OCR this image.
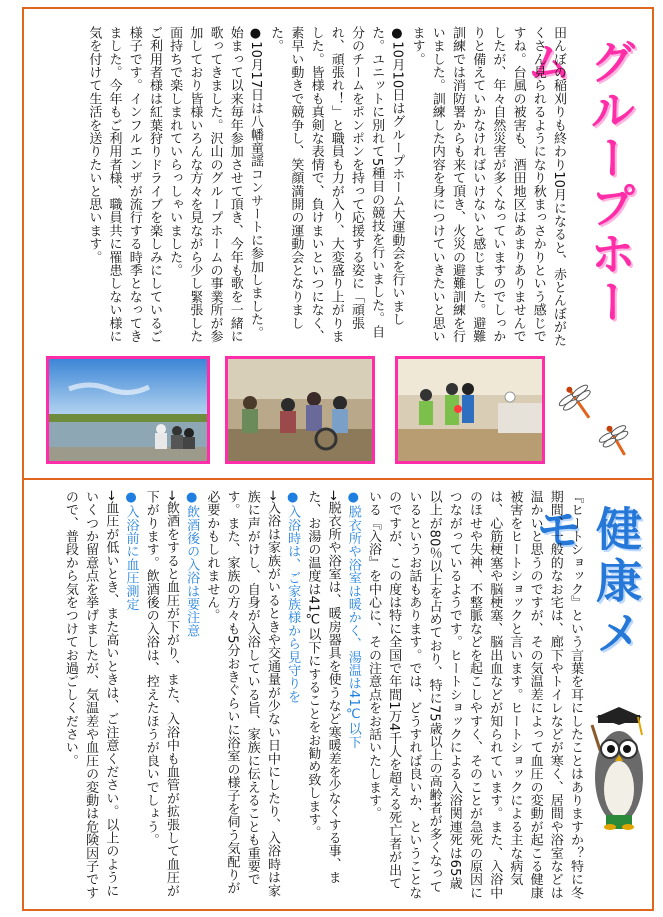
グループホーム

田んぼの稲刈りも終わり10月になると、赤とんぼがたくさん見られるようになり秋まっさかりという感じですね。台風の被害も、酒田地区はあまりありませんでしたが、年々自然災害が多くなっていますのでしっかりと備えていかなければいけないと感じました。避難訓練では消防署からも来て頂き、火災の避難訓練を行いました。訓練した内容を身につけていきたいと思います。

●10月10日はグループホーム大運動会を行いました。ユニットに別れて5種目の競技を行いました。自分のチームをポンポンを持って応援する姿に「頑張れ、頑張れ！」と職員も力が入り、大変盛り上がりました。皆様も真剣な表情で、負けまいといつになく、素早い動きで競争し、笑顔満開の運動会となりました。

●10月17日は八幡童謡コンサートに参加しました。始まって以来毎年参加させて頂き、今年も歌を一緒に歌ってきました。沢山のグループホームの事業所が参加しており皆様いろんな方々を見ながら少し緊張した面持ちで楽しまれていらっしゃいました。

ご利用者様は紅葉狩りドライブを楽しみにしているご様子です。インフルエンザが流行する時季となってきました。今年もご利用者様、職員共に罹患しない様に気を付けて生活を送りたいと思います。

健康メモ

『ヒートショック』という言葉を耳にしたことはありますか？特に冬期間、一般的なお宅は、廊下やトイレなどが寒く、居間や浴室などは温かいと思うのですが、その気温差によって血圧の変動が起こる健康被害をヒートショックと言います。ヒートショックによる主な病気は、心筋梗塞や脳梗塞、脳出血などが知られています。また、入浴中のほせや失神、不整脈などを起こしやすく、そのことが急死の原因につながっているようです。ヒートショックによる入浴関連死は65歳以上が80％以上を占めており、特に75歳以上の高齢者が多くなっているというお話もあります。では、どうすれば良いか、ということなのですが、この度は特に全国で年間1万4千人を超える死亡者が出ている『入浴』を中心に、その注意点をお話いたします。

●脱衣所や浴室は暖かく、湯温は41℃以下

→脱衣所や浴室は、暖房器具を使うなど寒暖差を少なくする事、また、お湯の温度は41℃以下にすることをお勧め致します。

●入浴時は、ご家族様から見守りを

→入浴は家族がいるときや交通量が少ない日中にしたり、入浴時は家族に声がけし、自身が入浴している旨、家族に伝えることも重要です。また、家族の方々も5分おきぐらいに浴室の様子を伺う気配りが必要かもしれません。

●飲酒後の入浴は要注意

→飲酒をすると血圧が下がり、また、入浴中も血管が拡張して血圧が下がります。飲酒後の入浴は、控えたほうが良いでしょう。

●入浴前に血圧測定

→血圧が低いとき、また高いときは、ご注意ください。以上のようにいくつか留意点を挙げましたが、気温差や血圧の変動は危険因子ですので、普段から気をつけてお過ごしください。
